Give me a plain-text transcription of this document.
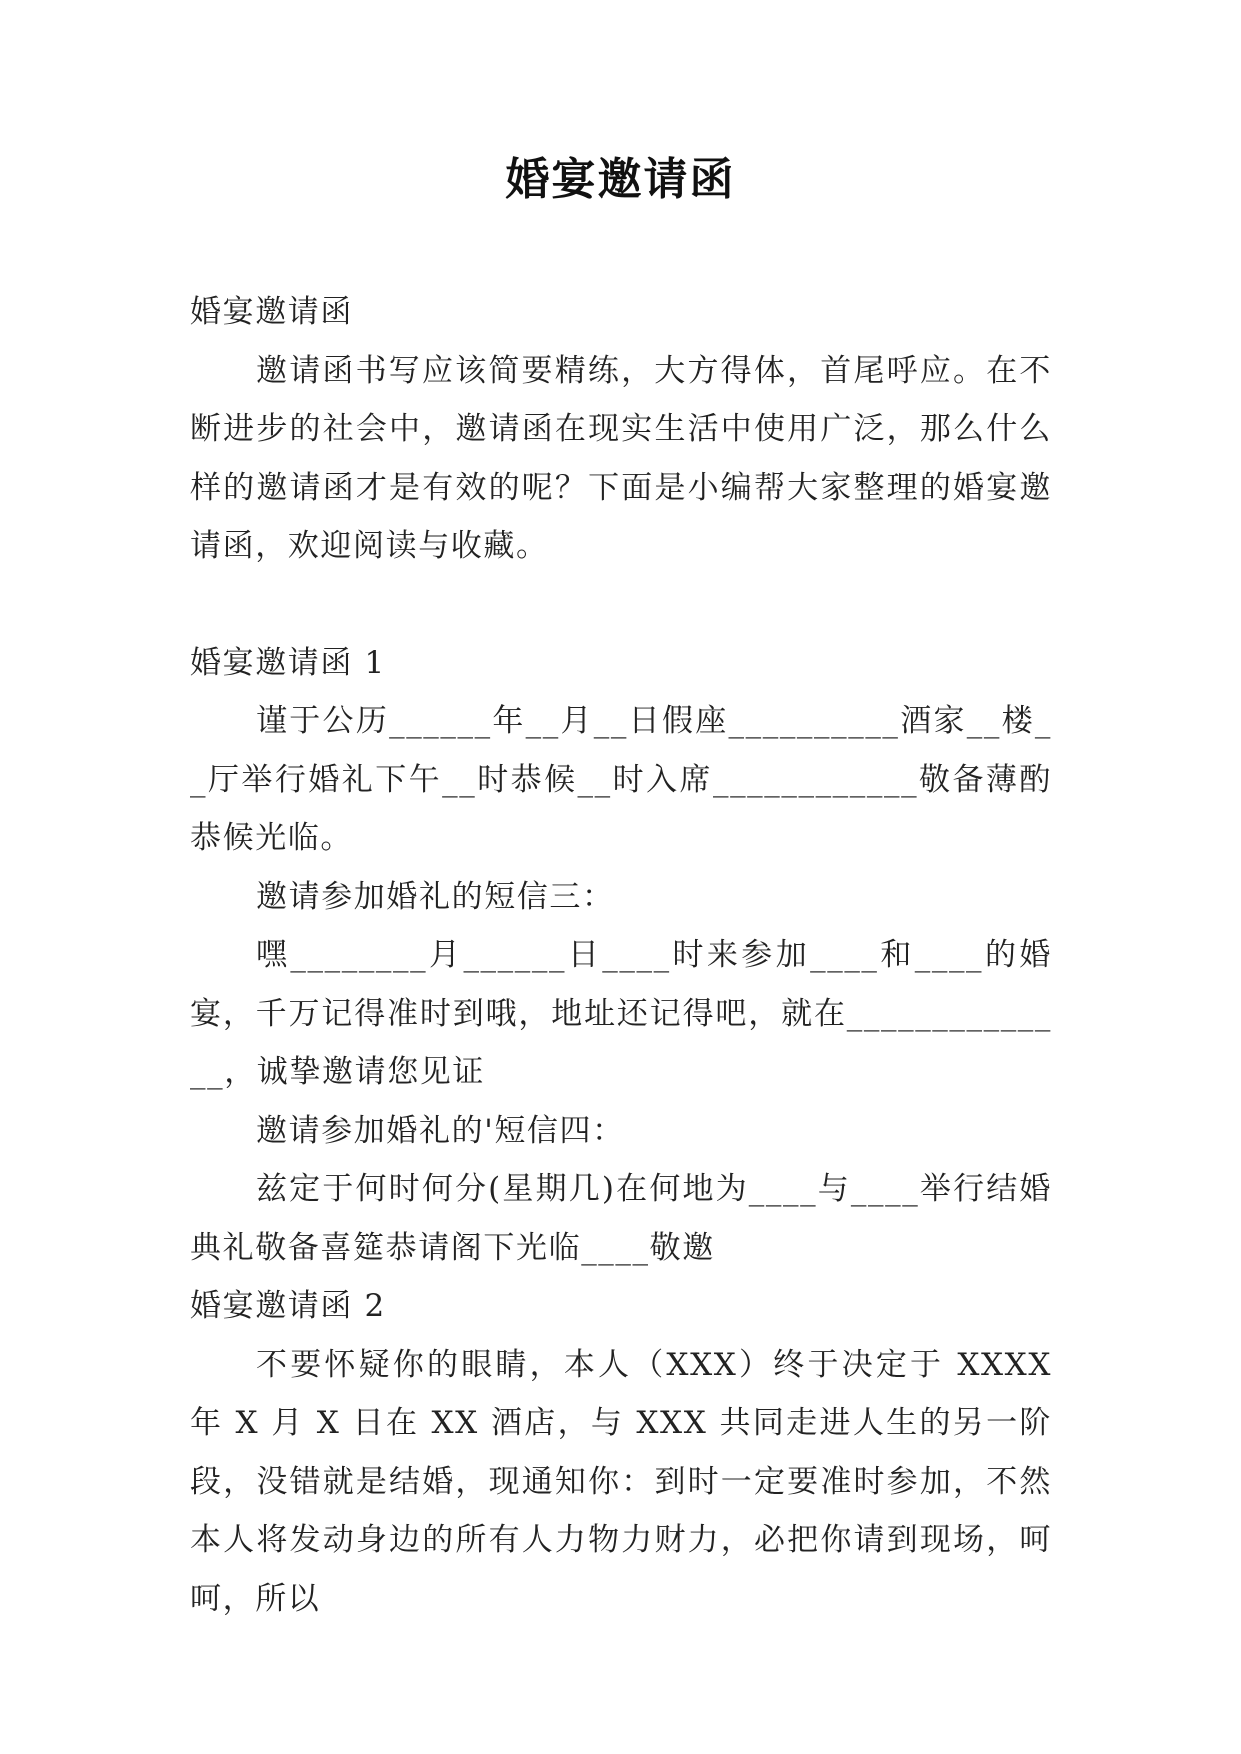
婚宴邀请函

婚宴邀请函

邀请函书写应该简要精练，大方得体，首尾呼应。在不断进步的社会中，邀请函在现实生活中使用广泛，那么什么样的邀请函才是有效的呢？下面是小编帮大家整理的婚宴邀请函，欢迎阅读与收藏。

婚宴邀请函 1

谨于公历______年__月__日假座__________酒家__楼__厅举行婚礼下午__时恭候__时入席____________敬备薄酌恭候光临。

邀请参加婚礼的短信三：

嘿________月______日____时来参加____和____的婚宴，千万记得准时到哦，地址还记得吧，就在______________，诚挚邀请您见证

邀请参加婚礼的'短信四：

兹定于何时何分(星期几)在何地为____与____举行结婚典礼敬备喜筵恭请阁下光临____敬邀

婚宴邀请函 2

不要怀疑你的眼睛，本人（XXX）终于决定于 XXXX 年 X 月 X 日在 XX 酒店，与 XXX 共同走进人生的另一阶段，没错就是结婚，现通知你：到时一定要准时参加，不然本人将发动身边的所有人力物力财力，必把你请到现场，呵呵，所以
